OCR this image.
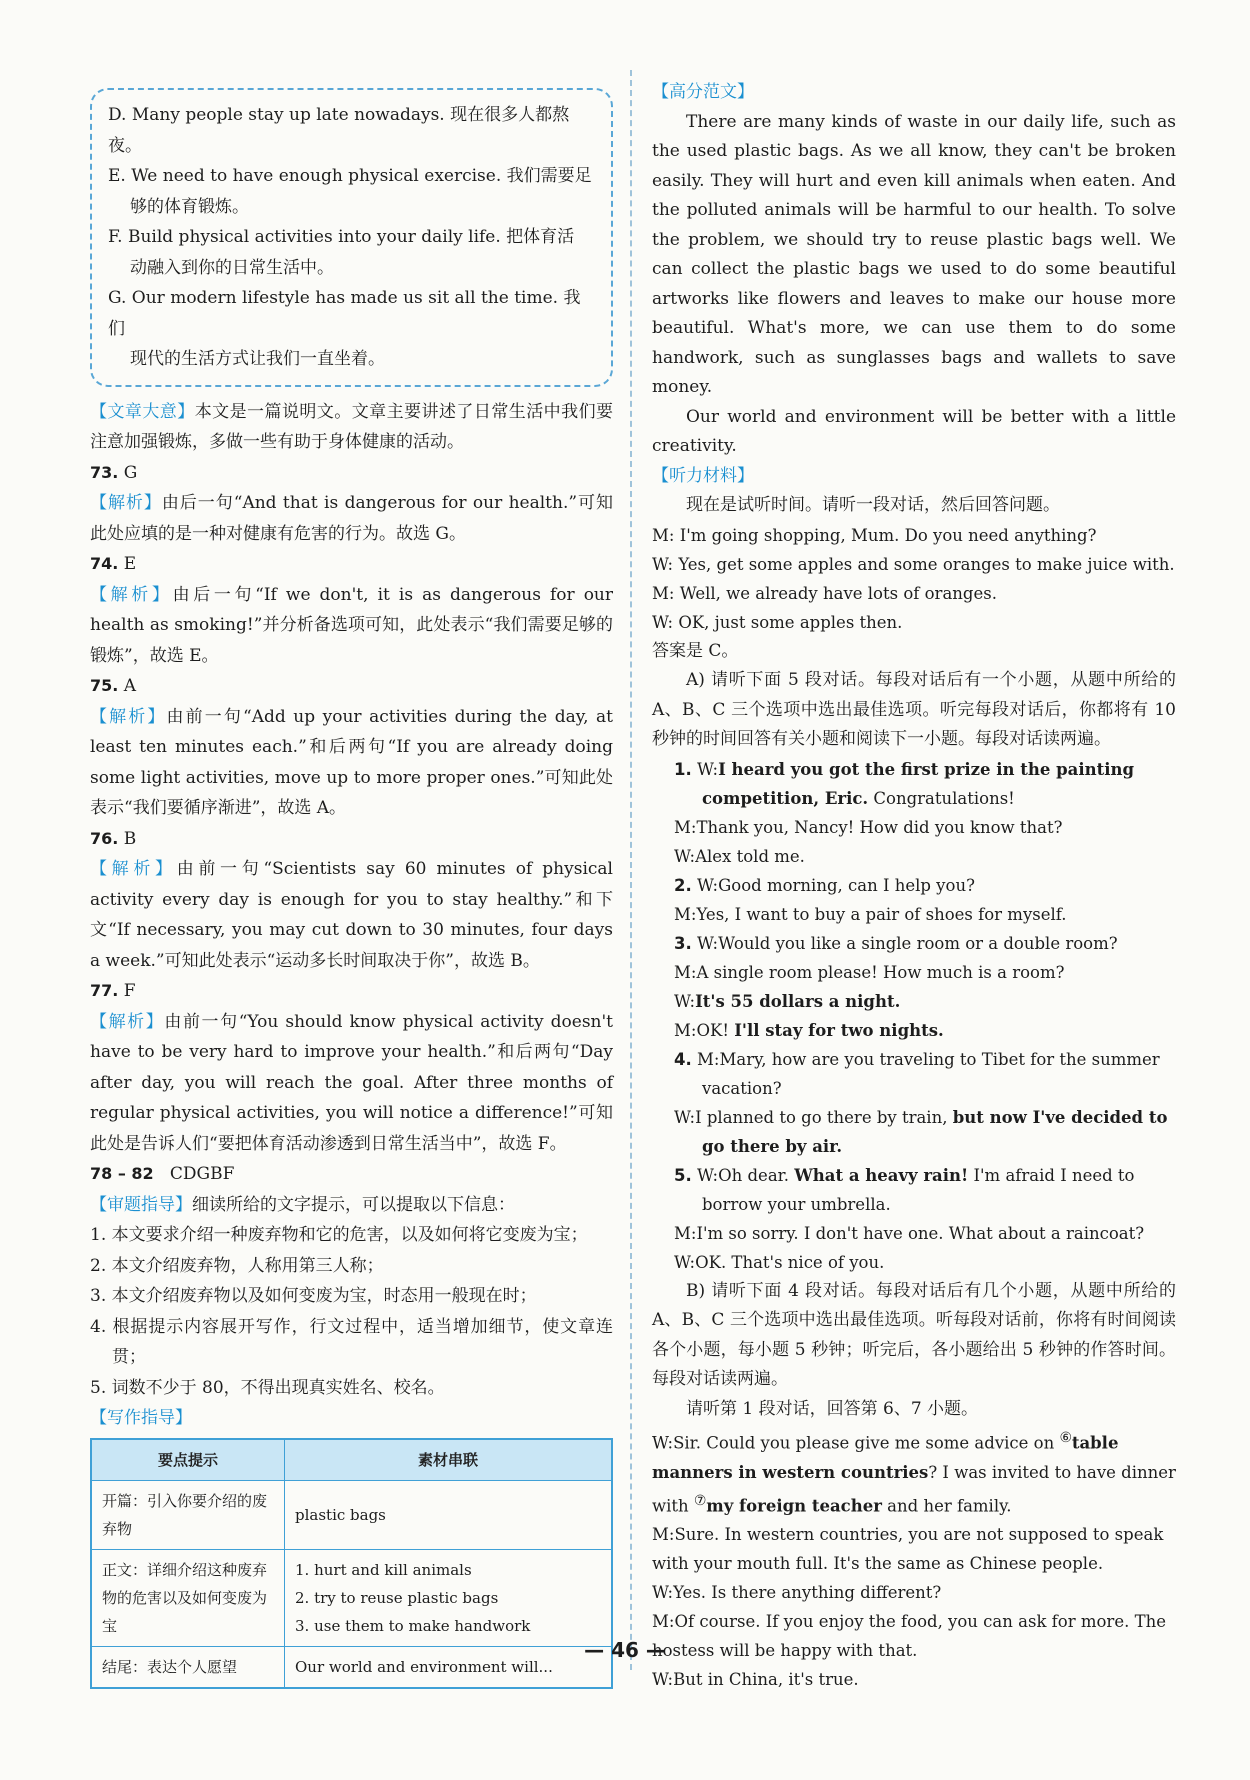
D. Many people stay up late nowadays. 现在很多人都熬夜。

E. We need to have enough physical exercise. 我们需要足

够的体育锻炼。

F. Build physical activities into your daily life. 把体育活

动融入到你的日常生活中。

G. Our modern lifestyle has made us sit all the time. 我们

现代的生活方式让我们一直坐着。

【文章大意】本文是一篇说明文。文章主要讲述了日常生活中我们要注意加强锻炼，多做一些有助于身体健康的活动。

73. G

【解析】由后一句“And that is dangerous for our health.”可知此处应填的是一种对健康有危害的行为。故选 G。

74. E

【解析】由后一句“If we don't, it is as dangerous for our health as smoking!”并分析备选项可知，此处表示“我们需要足够的锻炼”，故选 E。

75. A

【解析】由前一句“Add up your activities during the day, at least ten minutes each.”和后两句“If you are already doing some light activities, move up to more proper ones.”可知此处表示“我们要循序渐进”，故选 A。

76. B

【解析】由前一句“Scientists say 60 minutes of physical activity every day is enough for you to stay healthy.”和下文“If necessary, you may cut down to 30 minutes, four days a week.”可知此处表示“运动多长时间取决于你”，故选 B。

77. F

【解析】由前一句“You should know physical activity doesn't have to be very hard to improve your health.”和后两句“Day after day, you will reach the goal. After three months of regular physical activities, you will notice a difference!”可知此处是告诉人们“要把体育活动渗透到日常生活当中”，故选 F。

78 – 82 CDGBF

【审题指导】细读所给的文字提示，可以提取以下信息：

1. 本文要求介绍一种废弃物和它的危害，以及如何将它变废为宝；

2. 本文介绍废弃物，人称用第三人称；

3. 本文介绍废弃物以及如何变废为宝，时态用一般现在时；

4. 根据提示内容展开写作，行文过程中，适当增加细节，使文章连贯；

5. 词数不少于 80，不得出现真实姓名、校名。

【写作指导】

要点提示	素材串联
开篇：引入你要介绍的废弃物	plastic bags
正文：详细介绍这种废弃物的危害以及如何变废为宝	1. hurt and kill animals
2. try to reuse plastic bags
3. use them to make handwork

结尾：表达个人愿望	Our world and environment will...

【高分范文】

There are many kinds of waste in our daily life, such as the used plastic bags. As we all know, they can't be broken easily. They will hurt and even kill animals when eaten. And the polluted animals will be harmful to our health. To solve the problem, we should try to reuse plastic bags well. We can collect the plastic bags we used to do some beautiful artworks like flowers and leaves to make our house more beautiful. What's more, we can use them to do some handwork, such as sunglasses bags and wallets to save money.

Our world and environment will be better with a little creativity.

【听力材料】

现在是试听时间。请听一段对话，然后回答问题。

M: I'm going shopping, Mum. Do you need anything?

W: Yes, get some apples and some oranges to make juice with.

M: Well, we already have lots of oranges.

W: OK, just some apples then.

答案是 C。

A) 请听下面 5 段对话。每段对话后有一个小题，从题中所给的 A、B、C 三个选项中选出最佳选项。听完每段对话后，你都将有 10 秒钟的时间回答有关小题和阅读下一小题。每段对话读两遍。

1. W:I heard you got the first prize in the painting competition, Eric. Congratulations!

M:Thank you, Nancy! How did you know that?

W:Alex told me.

2. W:Good morning, can I help you?

M:Yes, I want to buy a pair of shoes for myself.

3. W:Would you like a single room or a double room?

M:A single room please! How much is a room?

W:It's 55 dollars a night.

M:OK! I'll stay for two nights.

4. M:Mary, how are you traveling to Tibet for the summer vacation?

W:I planned to go there by train, but now I've decided to go there by air.

5. W:Oh dear. What a heavy rain! I'm afraid I need to borrow your umbrella.

M:I'm so sorry. I don't have one. What about a raincoat?

W:OK. That's nice of you.

B) 请听下面 4 段对话。每段对话后有几个小题，从题中所给的 A、B、C 三个选项中选出最佳选项。听每段对话前，你将有时间阅读各个小题，每小题 5 秒钟；听完后，各小题给出 5 秒钟的作答时间。每段对话读两遍。

请听第 1 段对话，回答第 6、7 小题。

W:Sir. Could you please give me some advice on ⑥table manners in western countries? I was invited to have dinner with ⑦my foreign teacher and her family.

M:Sure. In western countries, you are not supposed to speak with your mouth full. It's the same as Chinese people.

W:Yes. Is there anything different?

M:Of course. If you enjoy the food, you can ask for more. The hostess will be happy with that.

W:But in China, it's true.

— 46 —
